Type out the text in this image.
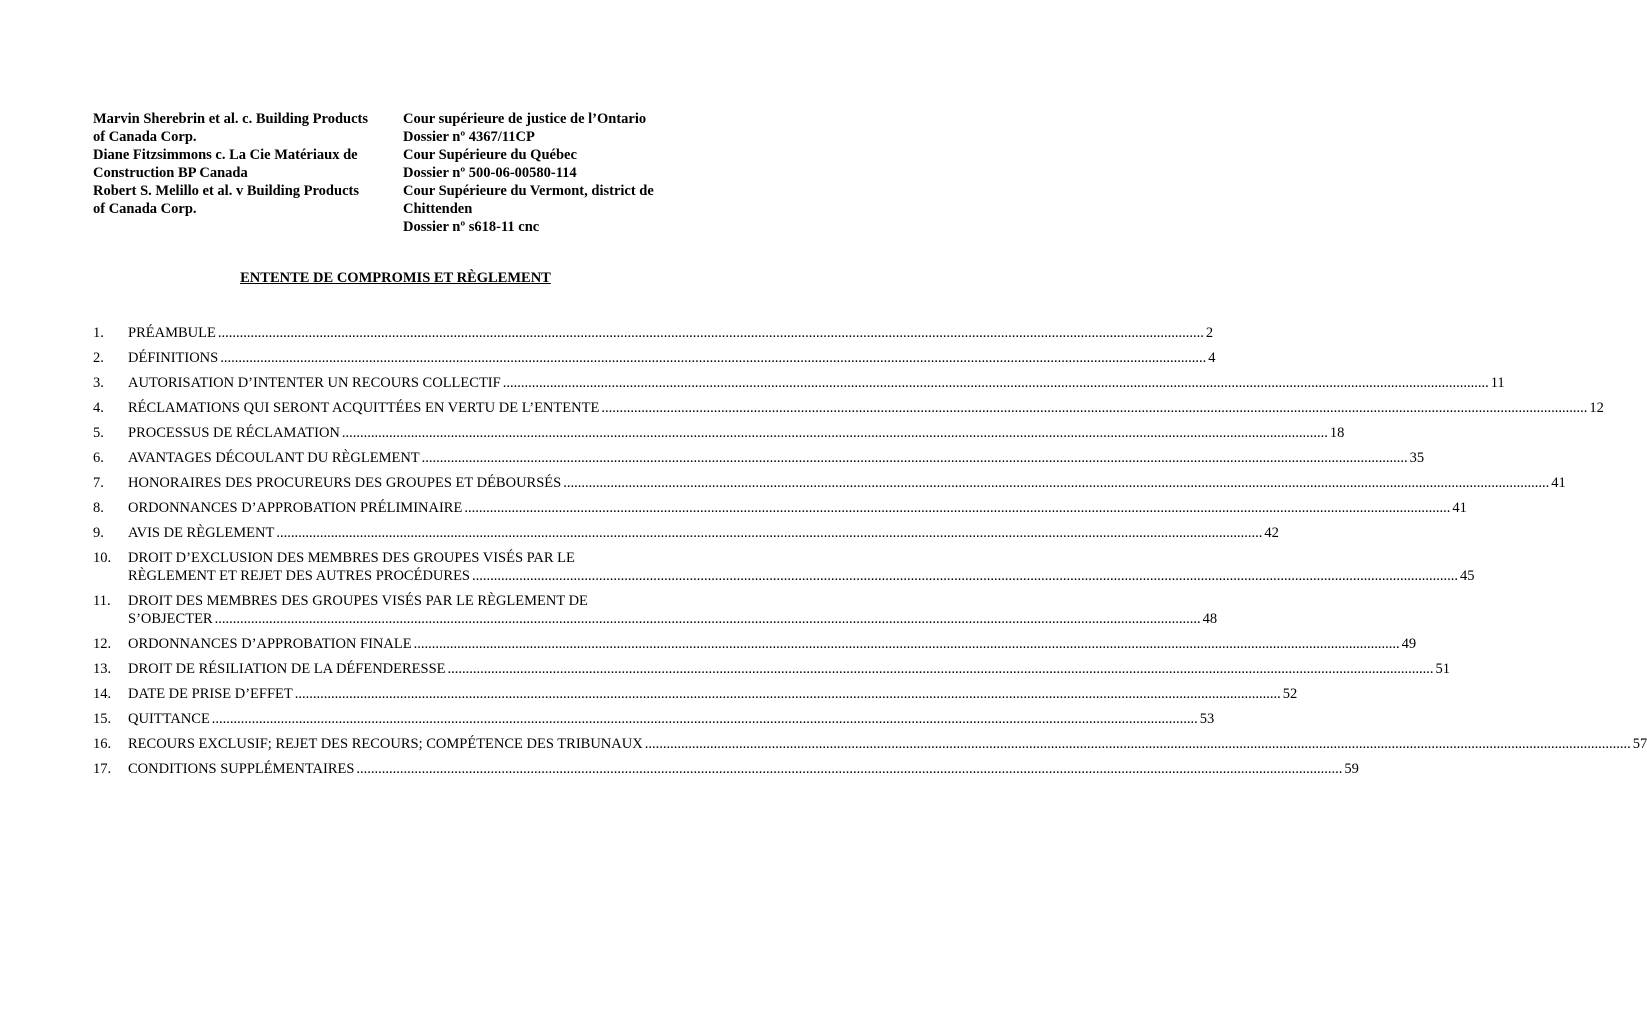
Marvin Sherebrin et al. c. Building Products
of Canada Corp.
Diane Fitzsimmons c. La Cie Matériaux de
Construction BP Canada
Robert S. Melillo et al. v Building Products
of Canada Corp.
Cour supérieure de justice de l’Ontario
Dossier nº 4367/11CP
Cour Supérieure du Québec
Dossier nº 500-06-00580-114
Cour Supérieure du Vermont, district de
Chittenden
Dossier nº s618-11 cnc
ENTENTE DE COMPROMIS ET RÈGLEMENT
1.	PRÉAMBULE .....	2
2.	DÉFINITIONS .....	4
3.	AUTORISATION D’INTENTER UN RECOURS COLLECTIF .....	11
4.	RÉCLAMATIONS QUI SERONT ACQUITTÉES EN VERTU DE L’ENTENTE .....	12
5.	PROCESSUS DE RÉCLAMATION .....	18
6.	AVANTAGES DÉCOULANT DU RÈGLEMENT .....	35
7.	HONORAIRES DES PROCUREURS DES GROUPES ET DÉBOURSÉS .....	41
8.	ORDONNANCES D’APPROBATION PRÉLIMINAIRE .....	41
9.	AVIS DE RÈGLEMENT .....	42
10.	DROIT D’EXCLUSION DES MEMBRES DES GROUPES VISÉS PAR LE
RÈGLEMENT ET REJET DES AUTRES PROCÉDURES .....	45
11.	DROIT DES MEMBRES DES GROUPES VISÉS PAR LE RÈGLEMENT DE
S’OBJECTER .....	48
12.	ORDONNANCES D’APPROBATION FINALE .....	49
13.	DROIT DE RÉSILIATION DE LA DÉFENDERESSE .....	51
14.	DATE DE PRISE D’EFFET .....	52
15.	QUITTANCE .....	53
16.	RECOURS EXCLUSIF; REJET DES RECOURS; COMPÉTENCE DES TRIBUNAUX .....	57
17.	CONDITIONS SUPPLÉMENTAIRES .....	59
